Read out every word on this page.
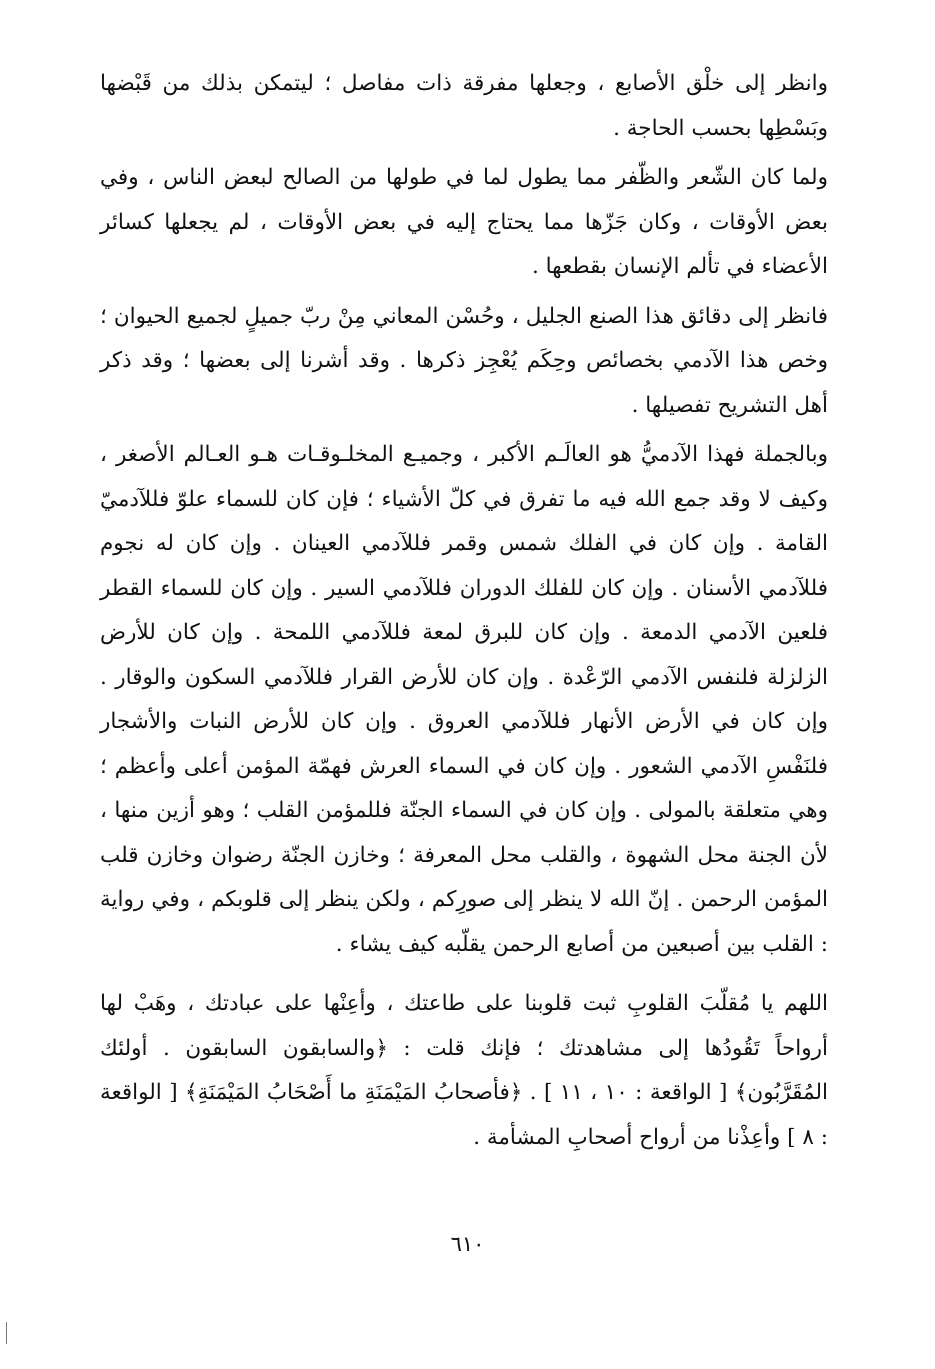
وانظر إلى خلْق الأصابع ، وجعلها مفرقة ذات مفاصل ؛ ليتمكن بذلك من قَبْضها وبَسْطِها بحسب الحاجة .

ولما كان الشّعر والظّفر مما يطول لما في طولها من الصالح لبعض الناس ، وفي بعض الأوقات ، وكان جَزّها مما يحتاج إليه في بعض الأوقات ، لم يجعلها كسائر الأعضاء في تألم الإنسان بقطعها .

فانظر إلى دقائق هذا الصنع الجليل ، وحُسْن المعاني مِنْ ربّ جميلٍ لجميع الحيوان ؛ وخص هذا الآدمي بخصائص وحِكَم يُعْجِز ذكرها . وقد أشرنا إلى بعضها ؛ وقد ذكر أهل التشريح تفصيلها .

وبالجملة فهذا الآدميُّ هو العالَـم الأكبر ، وجميـع المخلـوقـات هـو العـالم الأصغر ، وكيف لا وقد جمع الله فيه ما تفرق في كلّ الأشياء ؛ فإن كان للسماء علوّ فللآدميّ القامة . وإن كان في الفلك شمس وقمر فللآدمي العينان . وإن كان له نجوم فللآدمي الأسنان . وإن كان للفلك الدوران فللآدمي السير . وإن كان للسماء القطر فلعين الآدمي الدمعة . وإن كان للبرق لمعة فللآدمي اللمحة . وإن كان للأرض الزلزلة فلنفس الآدمي الرّعْدة . وإن كان للأرض القرار فللآدمي السكون والوقار . وإن كان في الأرض الأنهار فللآدمي العروق . وإن كان للأرض النبات والأشجار فلنَفْسِ الآدمي الشعور . وإن كان في السماء العرش فهمّة المؤمن أعلى وأعظم ؛ وهي متعلقة بالمولى . وإن كان في السماء الجنّة فللمؤمن القلب ؛ وهو أزين منها ، لأن الجنة محل الشهوة ، والقلب محل المعرفة ؛ وخازن الجنّة رضوان وخازن قلب المؤمن الرحمن . إنّ الله لا ينظر إلى صورِكم ، ولكن ينظر إلى قلوبكم ، وفي رواية : القلب بين أصبعين من أصابع الرحمن يقلّبه كيف يشاء .

اللهم يا مُقلّبَ القلوبِ ثبت قلوبنا على طاعتك ، وأعِنْها على عبادتك ، وهَبْ لها أرواحاً تَقُودُها إلى مشاهدتك ؛ فإنك قلت : ﴿والسابقون السابقون . أولئك المُقَرَّبُون﴾ [ الواقعة : ١٠ ، ١١ ] . ﴿فأصحابُ المَيْمَنَةِ ما أَصْحَابُ المَيْمَنَةِ﴾ [ الواقعة : ٨ ] وأعِذْنا من أرواح أصحابِ المشأمة .

٦١٠
